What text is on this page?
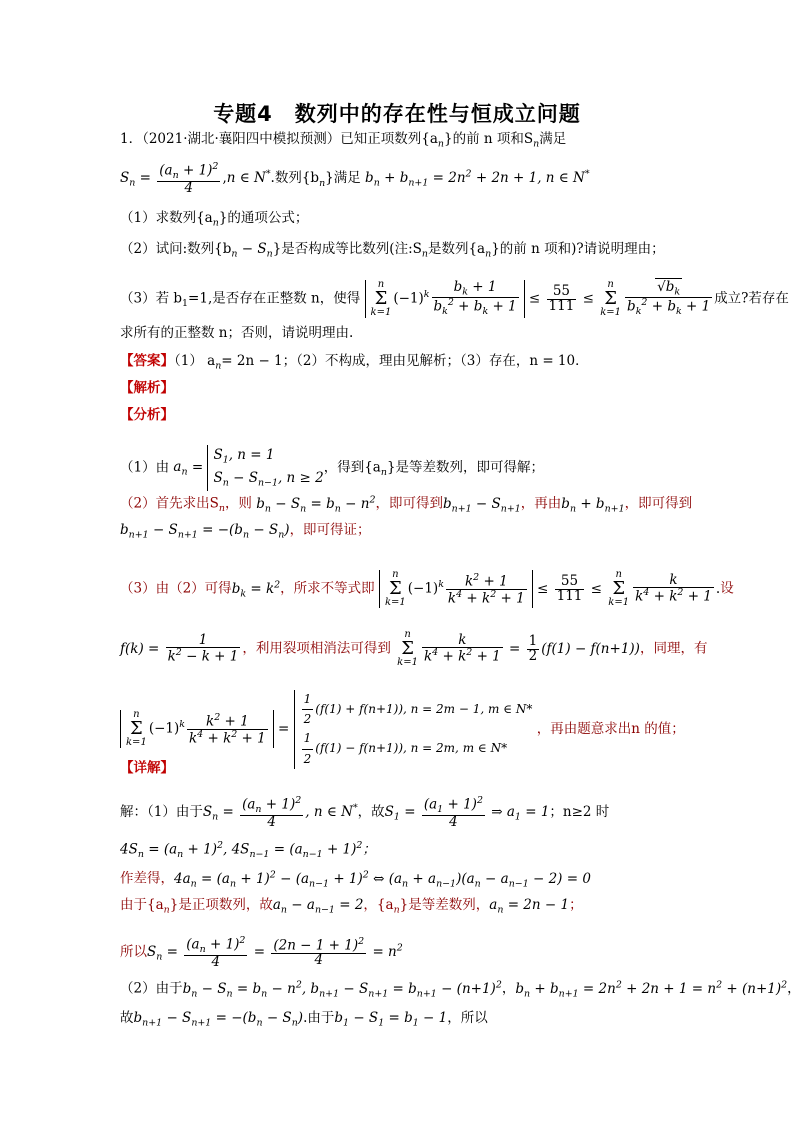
专题4　数列中的存在性与恒成立问题
1．（2021·湖北·襄阳四中模拟预测）已知正项数列$\{a_n\}$的前 n 项和$S_n$满足
$S_n = \frac{(a_n + 1)^2}{4} ,n$ ∈ N*.数列$\{b_n\}$满足 $b_n + b_{n+1} = 2n^2 + 2n + 1$, n ∈ N*
（1）求数列$\{a_n\}$的通项公式；
（2）试问:数列$\{b_n - S_n\}$是否构成等比数列(注$:S_n$是数列$\{a_n\}$的前 n 项和)?请说明理由；
（3）若 $b_1=1$,是否存在正整数 n，使得 n
Σ
$k=1(-1)^k \frac{b_k + 1}{b_k^2 + b_k + 1} \le \frac{55}{111} \le n$
Σ
$k=1 \frac{√b_k}{b_k^2 + b_k + 1}$ 成立?若存在
求所有的正整数 n；否则，请说明理由.
【答案】（1） $a_n= 2n - 1$；（2）不构成，理由见解析；（3）存在，n = 10．
【解析】
【分析】
（1）由 $a_n$ =
$S_1$, n = 1
$S_n - S_{n-1}$, n ≥ 2
，得到$\{a_n\}$是等差数列，即可得解；
（2）首先求出$S_n$，则 $b_n - S_n = b_n - n^2$，即可得到$b_{n+1} - S_{n+1}$，再由$b_n + b_{n+1}$，即可得到
$b_{n+1} - S_{n+1} = -(b_n - S_n)$，即可得证；
（3）由（2）可得$b_k = k^2$，所求不等式即 n
Σ
$k=1(-1)^k \frac{k^2 + 1}{k^4 + k^2 + 1} \le \frac{55}{111} \le n$
Σ
$k=1 \frac{k}{k^4 + k^2 + 1}$ .设
$f(k) = \frac{1}{k^2 - k + 1}$ ，利用裂项相消法可得到 n
Σ
$k=1 \frac{k}{k^4 + k^2 + 1} = \frac{1}{2} (f(1) - f(n+1))$，同理，有
n
Σ
$k=1(-1)^k \frac{k^2 + 1}{k^4 + k^2 + 1} = \frac{1}{2} (f(1) + f(n+1))$, n = 2m − 1, m ∈ N*
$\frac{1}{2} (f(1) - f(n+1))$, n = 2m, m ∈ N*
，再由题意求出n 的值；
【详解】
解：（1）由于$S_n = \frac{(a_n + 1)^2}{4}$ , n ∈ N*，故$S_1 = \frac{(a_1 + 1)^2}{4}$ ⇒ $a_1 = 1$；n≥2 时
$4S_n = (a_n + 1)^2$, $4S_{n-1} = (a_{n-1} + 1)^2$；
作差得，$4a_n = (a_n + 1)^2 - (a_{n-1} + 1)^2$ ⇔ $(a_n + a_{n-1})(a_n - a_{n-1} - 2) = 0$
由于$\{a_n\}$是正项数列，故$a_n - a_{n-1} = 2$，$\{a_n\}$是等差数列，$a_n = 2n - 1$；
所以$S_n = \frac{(a_n + 1)^2}{4} = \frac{(2n - 1 + 1)^2}{4} = n^2$
（2）由于$b_n - S_n = b_n - n^2$, $b_{n+1} - S_{n+1} = b_{n+1} - (n+1)^2$，$b_n + b_{n+1} = 2n^2 + 2n + 1 = n^2 + (n+1)^2$，
故$b_{n+1} - S_{n+1} = -(b_n - S_n)$.由于$b_1 - S_1 = b_1 - 1$，所以
